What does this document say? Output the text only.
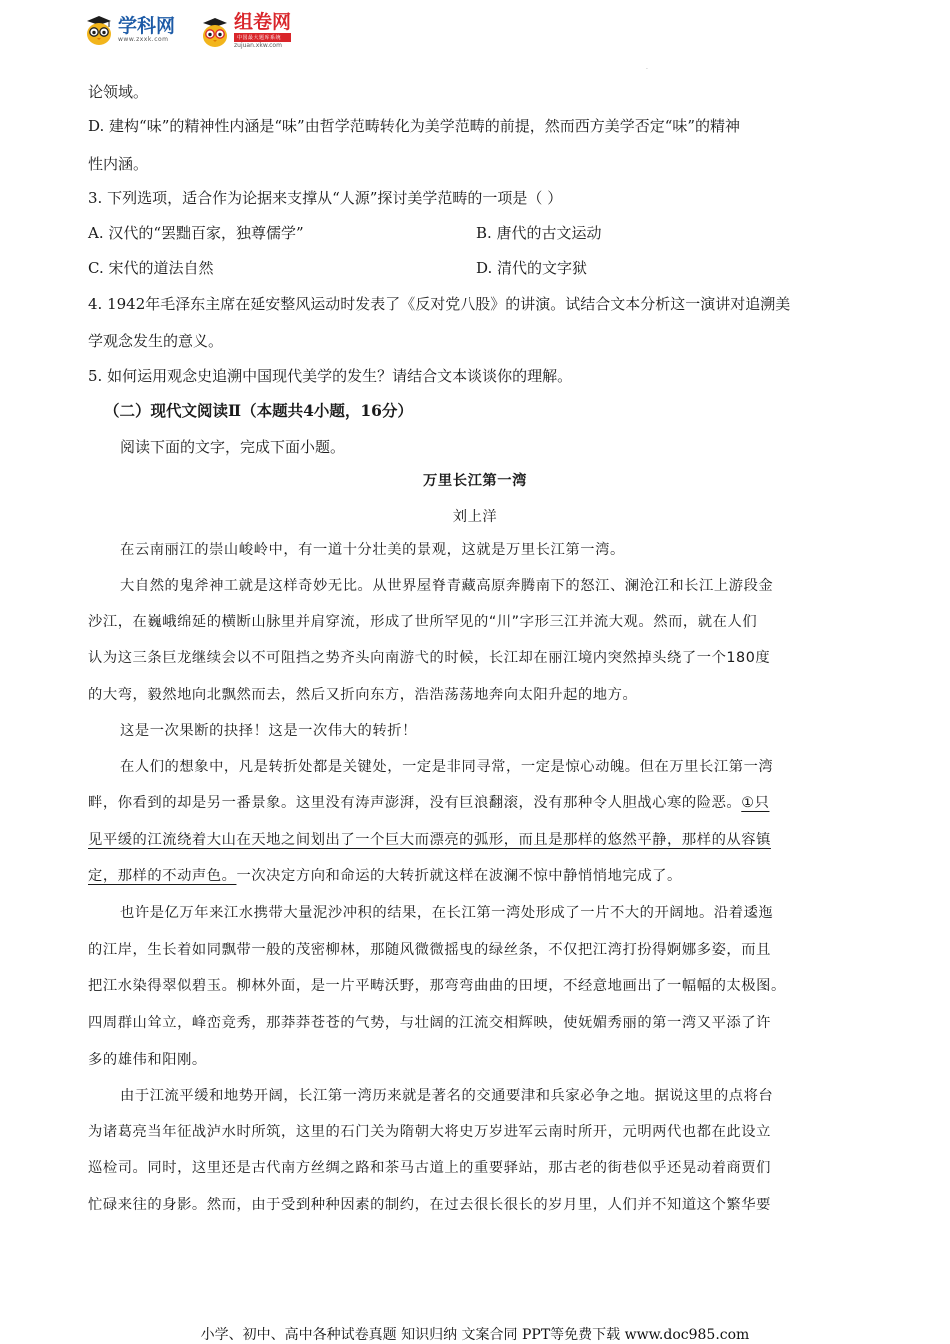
学科网
www.zxxk.com
组卷网
中国最大题库系统
zujuan.xkw.com
.
论领域。
D. 建构“味”的精神性内涵是“味”由哲学范畴转化为美学范畴的前提，然而西方美学否定“味”的精神
性内涵。
3. 下列选项，适合作为论据来支撑从“人源”探讨美学范畴的一项是（ ）
A. 汉代的“罢黜百家，独尊儒学”	B. 唐代的古文运动
C. 宋代的道法自然	D. 清代的文字狱
4. 1942年毛泽东主席在延安整风运动时发表了《反对党八股》的讲演。试结合文本分析这一演讲对追溯美
学观念发生的意义。
5. 如何运用观念史追溯中国现代美学的发生？请结合文本谈谈你的理解。
（二）现代文阅读Ⅱ（本题共4小题，16分）
阅读下面的文字，完成下面小题。
万里长江第一湾
刘上洋
在云南丽江的崇山峻岭中，有一道十分壮美的景观，这就是万里长江第一湾。
大自然的鬼斧神工就是这样奇妙无比。从世界屋脊青藏高原奔腾南下的怒江、澜沧江和长江上游段金
沙江，在巍峨绵延的横断山脉里并肩穿流，形成了世所罕见的“川”字形三江并流大观。然而，就在人们
认为这三条巨龙继续会以不可阻挡之势齐头向南游弋的时候，长江却在丽江境内突然掉头绕了一个180度
的大弯，毅然地向北飘然而去，然后又折向东方，浩浩荡荡地奔向太阳升起的地方。
这是一次果断的抉择！这是一次伟大的转折！
在人们的想象中，凡是转折处都是关键处，一定是非同寻常，一定是惊心动魄。但在万里长江第一湾
畔，你看到的却是另一番景象。这里没有涛声澎湃，没有巨浪翻滚，没有那种令人胆战心寒的险恶。①只
见平缓的江流绕着大山在天地之间划出了一个巨大而漂亮的弧形，而且是那样的悠然平静，那样的从容镇
定，那样的不动声色。一次决定方向和命运的大转折就这样在波澜不惊中静悄悄地完成了。
也许是亿万年来江水携带大量泥沙冲积的结果，在长江第一湾处形成了一片不大的开阔地。沿着逶迤
的江岸，生长着如同飘带一般的茂密柳林，那随风微微摇曳的绿丝条，不仅把江湾打扮得婀娜多姿，而且
把江水染得翠似碧玉。柳林外面，是一片平畴沃野，那弯弯曲曲的田埂，不经意地画出了一幅幅的太极图。
四周群山耸立，峰峦竞秀，那莽莽苍苍的气势，与壮阔的江流交相辉映，使妩媚秀丽的第一湾又平添了许
多的雄伟和阳刚。
由于江流平缓和地势开阔，长江第一湾历来就是著名的交通要津和兵家必争之地。据说这里的点将台
为诸葛亮当年征战泸水时所筑，这里的石门关为隋朝大将史万岁进军云南时所开，元明两代也都在此设立
巡检司。同时，这里还是古代南方丝绸之路和茶马古道上的重要驿站，那古老的街巷似乎还晃动着商贾们
忙碌来往的身影。然而，由于受到种种因素的制约，在过去很长很长的岁月里，人们并不知道这个繁华要
小学、初中、高中各种试卷真题 知识归纳 文案合同 PPT等免费下载 www.doc985.com
